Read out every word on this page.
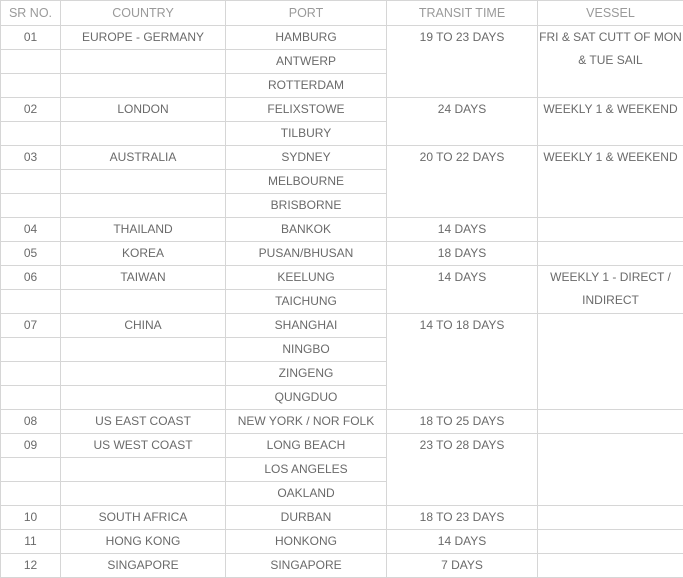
SR NO.	COUNTRY	PORT	TRANSIT TIME	VESSEL
01	EUROPE - GERMANY	HAMBURG	19 TO 23 DAYS	FRI & SAT CUTT OF MON & TUE SAIL
		ANTWERP		
		ROTTERDAM		
02	LONDON	FELIXSTOWE	24 DAYS	WEEKLY 1 & WEEKEND
		TILBURY		
03	AUSTRALIA	SYDNEY	20 TO 22 DAYS	WEEKLY 1 & WEEKEND
		MELBOURNE		
		BRISBORNE		
04	THAILAND	BANKOK	14 DAYS	
05	KOREA	PUSAN/BHUSAN	18 DAYS	
06	TAIWAN	KEELUNG	14 DAYS	WEEKLY 1 - DIRECT / INDIRECT
		TAICHUNG		
07	CHINA	SHANGHAI	14 TO 18 DAYS	
		NINGBO		
		ZINGENG		
		QUNGDUO		
08	US EAST COAST	NEW YORK / NOR FOLK	18 TO 25 DAYS	
09	US WEST COAST	LONG BEACH	23 TO 28 DAYS	
		LOS ANGELES		
		OAKLAND		
10	SOUTH AFRICA	DURBAN	18 TO 23 DAYS	
11	HONG KONG	HONKONG	14 DAYS	
12	SINGAPORE	SINGAPORE	7 DAYS	
